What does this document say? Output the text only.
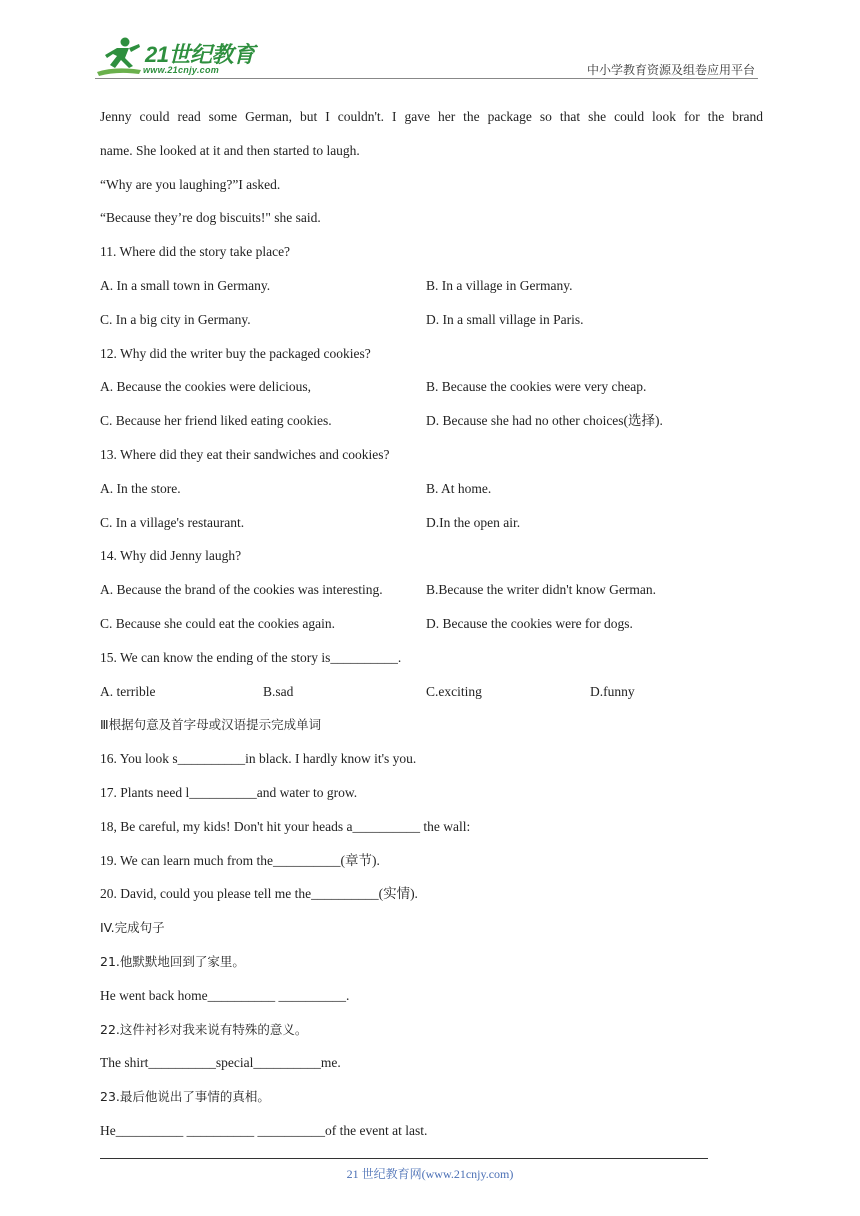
21世纪教育
www.21cnjy.com	中小学教育资源及组卷应用平台
Jenny could read some German, but I couldn't. I gave her the package so that she could look for the brand
name. She looked at it and then started to laugh.
“Why are you laughing?”I asked.
“Because they’re dog biscuits!" she said.
11. Where did the story take place?
A. In a small town in Germany.	B. In a village in Germany.
C. In a big city in Germany.	D. In a small village in Paris.
12. Why did the writer buy the packaged cookies?
A. Because the cookies were delicious,	B. Because the cookies were very cheap.
C. Because her friend liked eating cookies.	D. Because she had no other choices(选择).
13. Where did they eat their sandwiches and cookies?
A. In the store.	B. At home.
C. In a village's restaurant.	D.In the open air.
14. Why did Jenny laugh?
A. Because the brand of the cookies was interesting.	B.Because the writer didn't know German.
C. Because she could eat the cookies again.	D. Because the cookies were for dogs.
15. We can know the ending of the story is__________.
A. terrible	B.sad	C.exciting	D.funny
Ⅲ根据句意及首字母或汉语提示完成单词
16. You look s__________in black. I hardly know it's you.
17. Plants need l__________and water to grow.
18, Be careful, my kids! Don't hit your heads a__________ the wall:
19. We can learn much from the__________(章节).
20. David, could you please tell me the__________(实情).
IV.完成句子
21.他默默地回到了家里。
He went back home__________ __________.
22.这件衬衫对我来说有特殊的意义。
The shirt__________special__________me.
23.最后他说出了事情的真相。
He__________ __________ __________of the event at last.
21 世纪教育网(www.21cnjy.com)
